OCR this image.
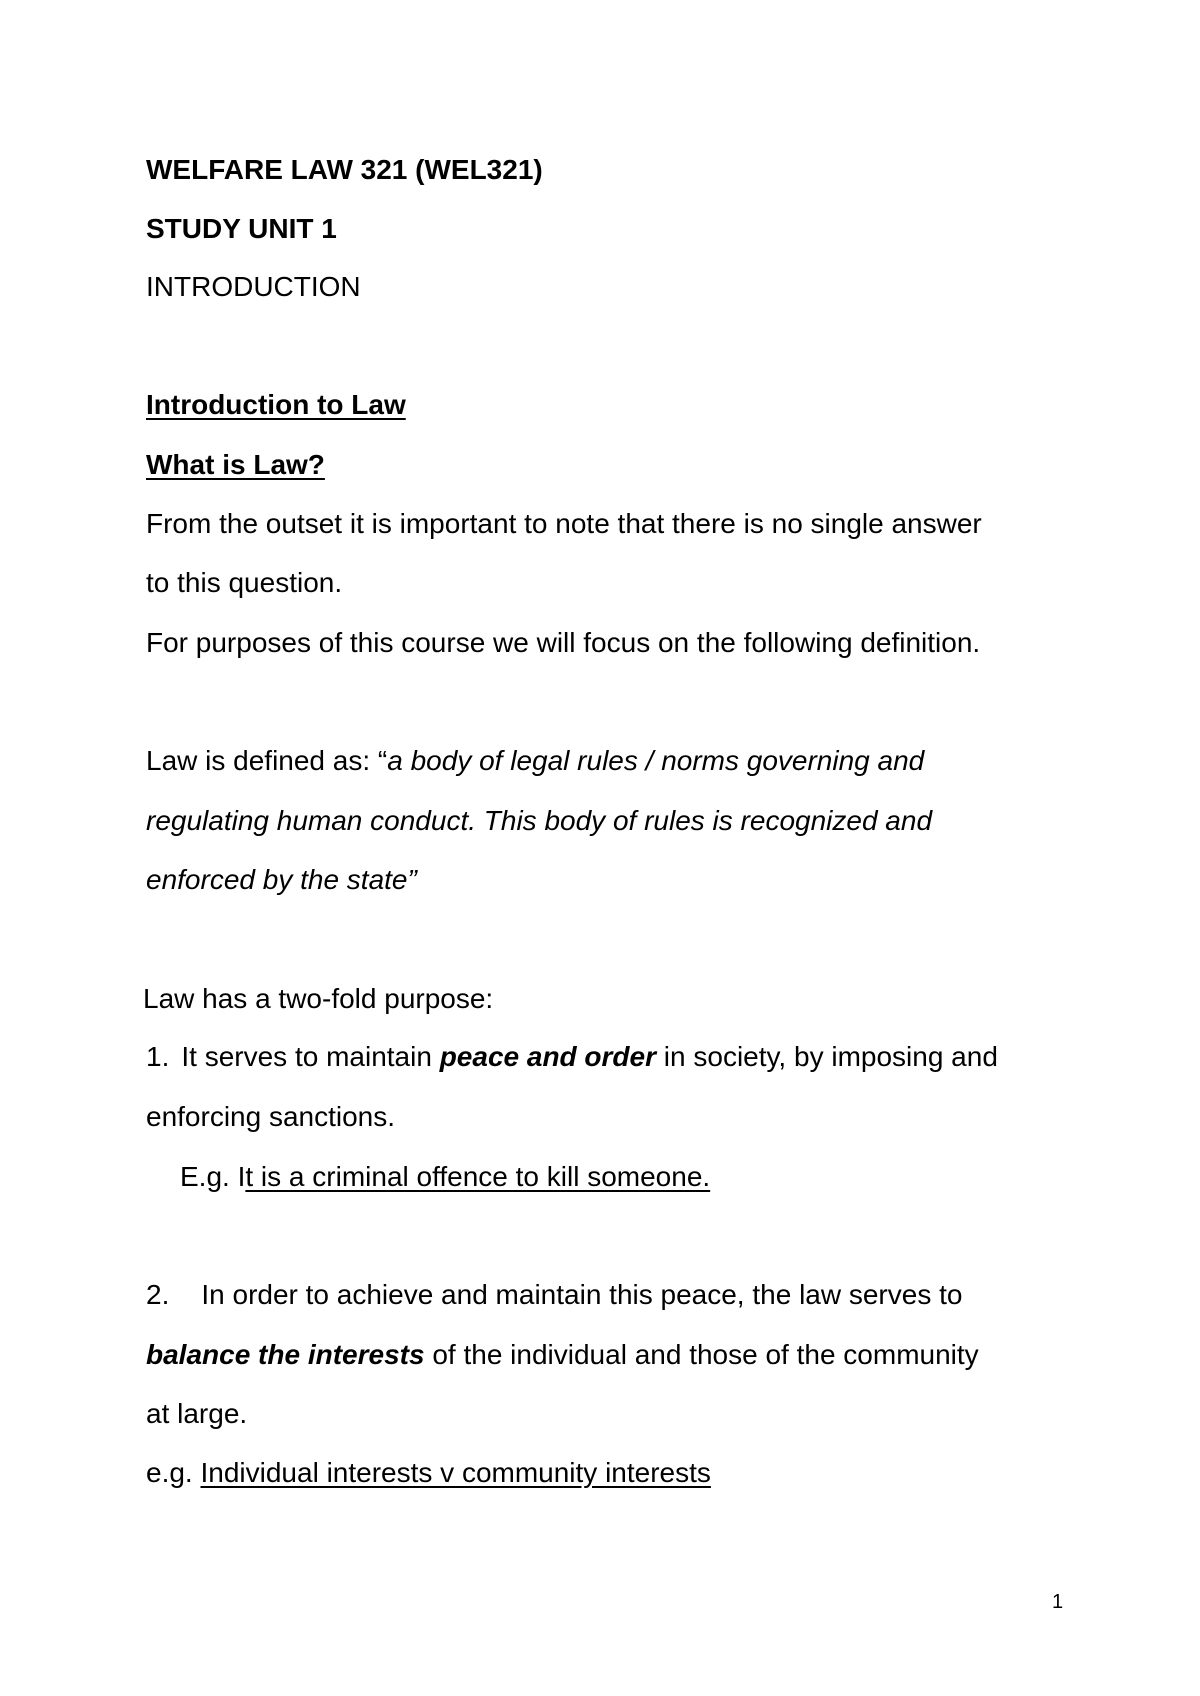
WELFARE LAW 321 (WEL321)
STUDY UNIT 1
INTRODUCTION
Introduction to Law
What is Law?
From the outset it is important to note that there is no single answer
to this question.
For purposes of this course we will focus on the following definition.
Law is defined as: “a body of legal rules / norms governing and
regulating human conduct. This body of rules is recognized and
enforced by the state”
Law has a two-fold purpose:
1. It serves to maintain peace and order in society, by imposing and
enforcing sanctions.
E.g. It is a criminal offence to kill someone.
2. In order to achieve and maintain this peace, the law serves to
balance the interests of the individual and those of the community
at large.
e.g. Individual interests v community interests
1
